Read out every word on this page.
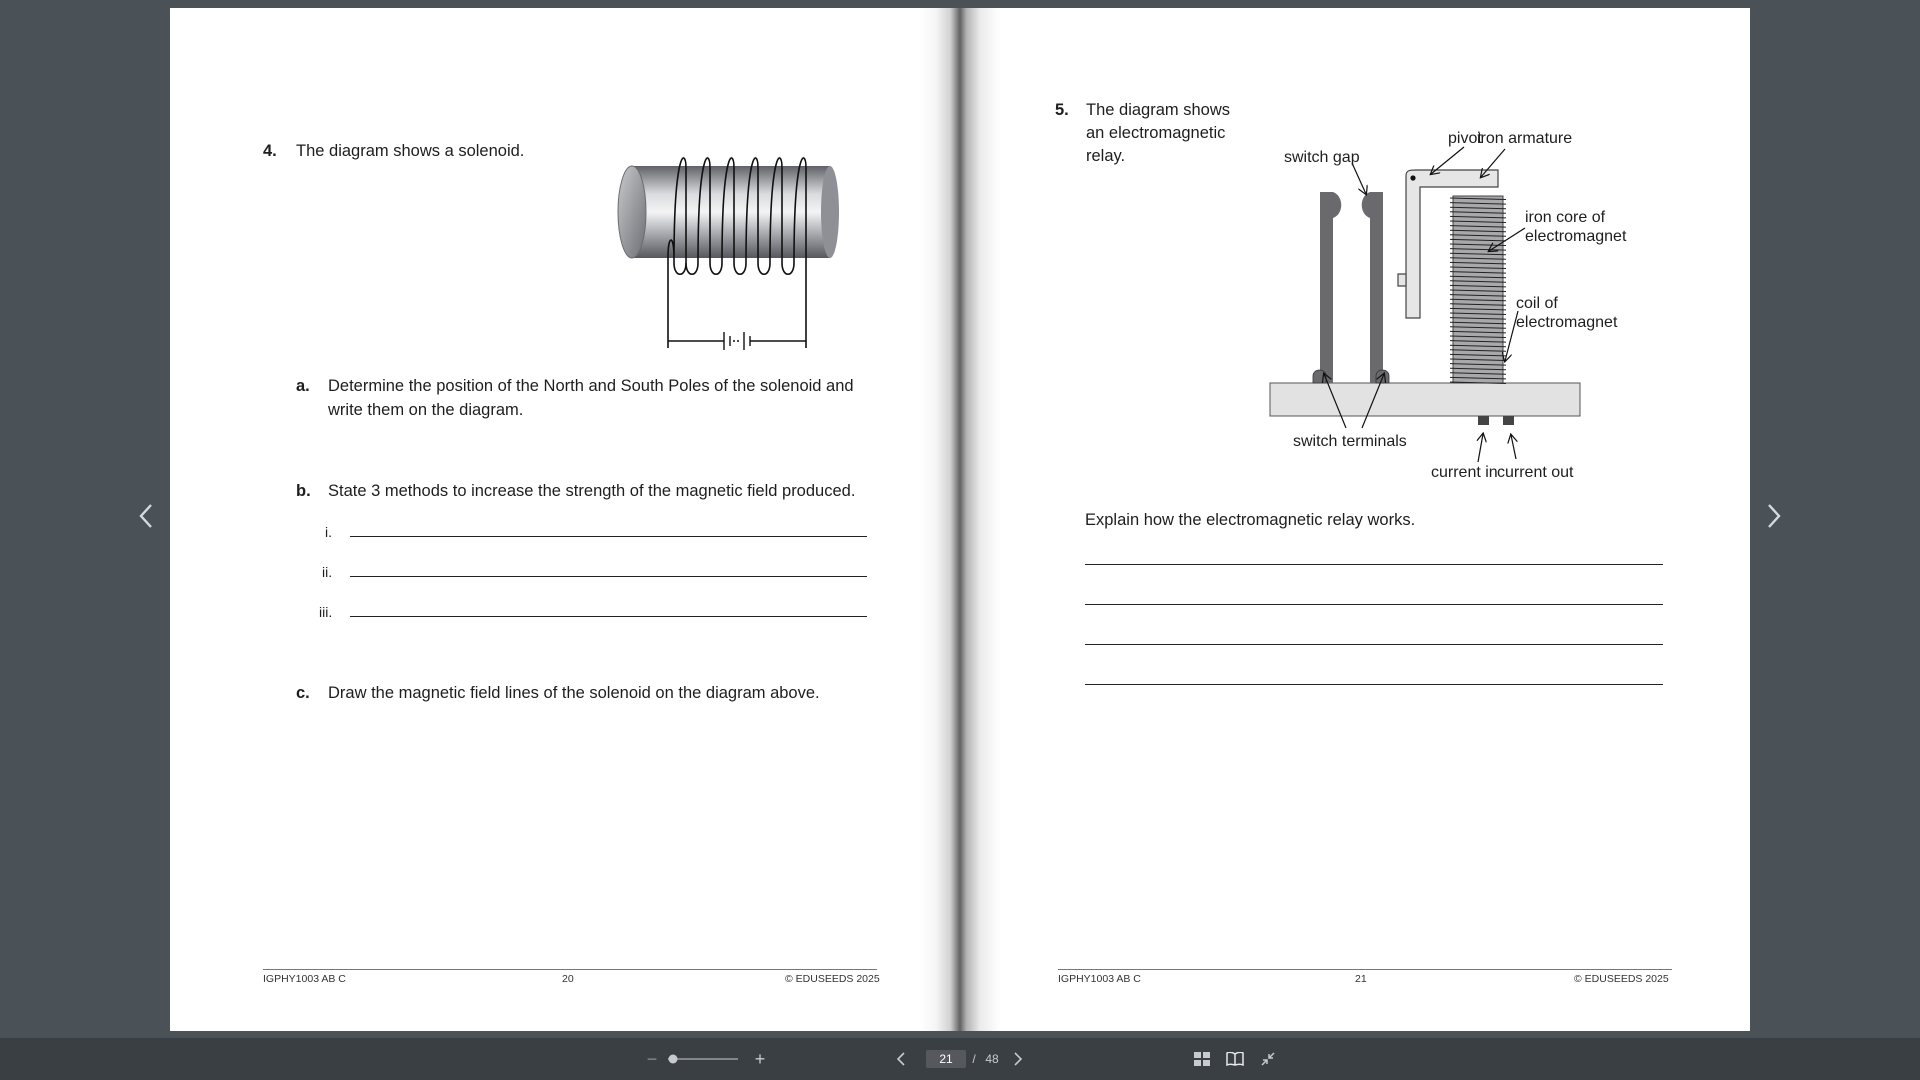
4. The diagram shows a solenoid.
a. Determine the position of the North and South Poles of the solenoid and
write them on the diagram.
b. State 3 methods to increase the strength of the magnetic field produced.
i.
ii.
iii.
c. Draw the magnetic field lines of the solenoid on the diagram above.
IGPHY1003 AB C	20	© EDUSEEDS 2025
5. The diagram shows
an electromagnetic
relay.
pivot
iron armature
switch gap
iron core of
electromagnet
coil of
electromagnet
switch terminals
current in current out
Explain how the electromagnetic relay works.
IGPHY1003 AB C	21	© EDUSEEDS 2025
−	+
21	/ 48
